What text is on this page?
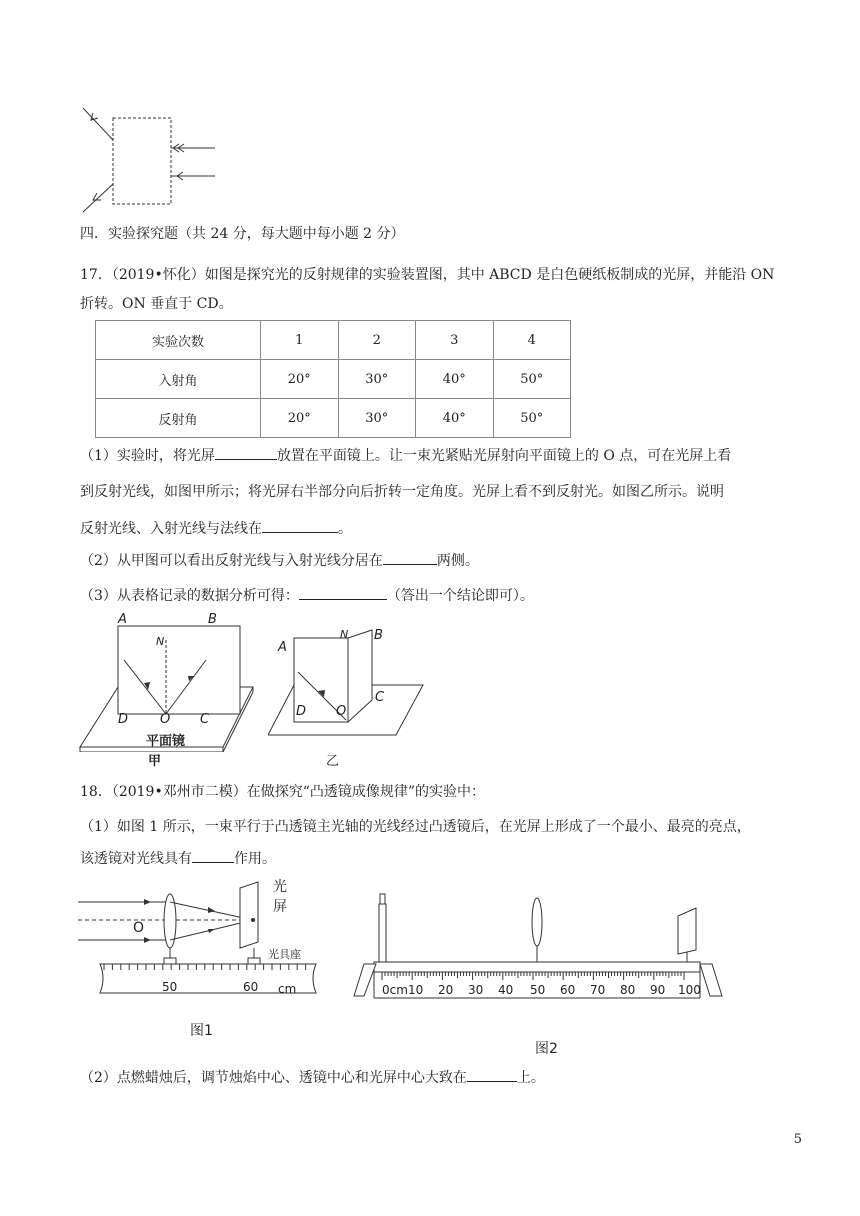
四．实验探究题（共 24 分，每大题中每小题 2 分）
17．（2019•怀化）如图是探究光的反射规律的实验装置图，其中 ABCD 是白色硬纸板制成的光屏，并能沿 ON
折转。ON 垂直于 CD。
实验次数	1	2	3	4
入射角	20°	30°	40°	50°
反射角	20°	30°	40°	50°
（1）实验时，将光屏	放置在平面镜上。让一束光紧贴光屏射向平面镜上的 O 点，可在光屏上看
到反射光线，如图甲所示；将光屏右半部分向后折转一定角度。光屏上看不到反射光。如图乙所示。说明
反射光线、入射光线与法线在	。
（2）从甲图可以看出反射光线与入射光线分居在	两侧。
（3）从表格记录的数据分析可得：	（答出一个结论即可）。
A	B
N
D O C
平面镜
甲
A
N B
D O
C
乙
18．（2019•邓州市二模）在做探究“凸透镜成像规律”的实验中：
（1）如图 1 所示，一束平行于凸透镜主光轴的光线经过凸透镜后，在光屏上形成了一个最小、最亮的亮点，
该透镜对光线具有	作用。
光
屏
O
光具座
50	60 cm
图1
0cm 10 20 30 40 50 60 70 80 90 100
图2
（2）点燃蜡烛后，调节烛焰中心、透镜中心和光屏中心大致在	上。
5
